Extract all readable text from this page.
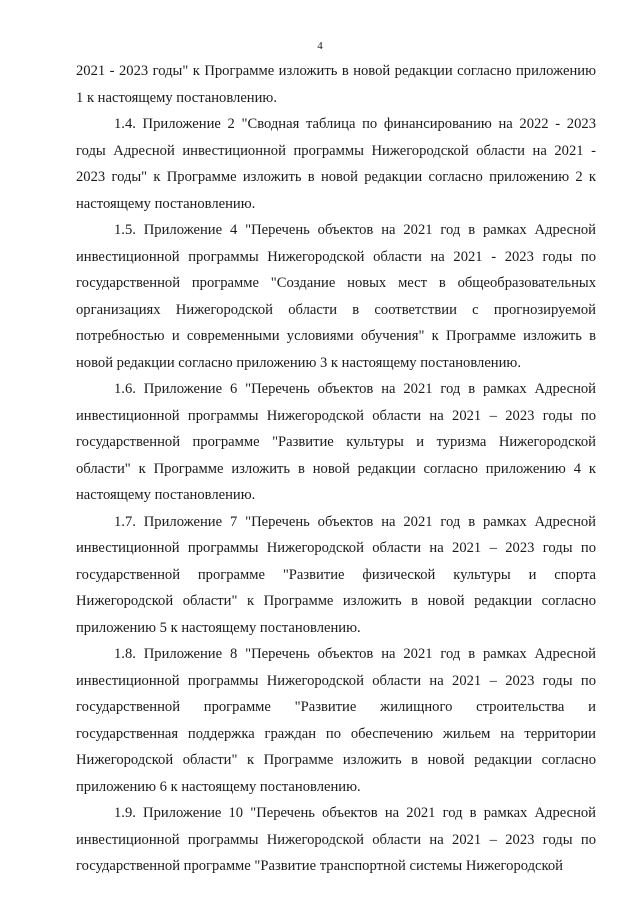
4

2021 - 2023 годы" к Программе изложить в новой редакции согласно приложению 1 к настоящему постановлению.

1.4. Приложение 2 "Сводная таблица по финансированию на 2022 - 2023 годы Адресной инвестиционной программы Нижегородской области на 2021 - 2023 годы" к Программе изложить в новой редакции согласно приложению 2 к настоящему постановлению.

1.5. Приложение 4 "Перечень объектов на 2021 год в рамках Адресной инвестиционной программы Нижегородской области на 2021 - 2023 годы по государственной программе "Создание новых мест в общеобразовательных организациях Нижегородской области в соответствии с прогнозируемой потребностью и современными условиями обучения" к Программе изложить в новой редакции согласно приложению 3 к настоящему постановлению.

1.6. Приложение 6 "Перечень объектов на 2021 год в рамках Адресной инвестиционной программы Нижегородской области на 2021 – 2023 годы по государственной программе "Развитие культуры и туризма Нижегородской области" к Программе изложить в новой редакции согласно приложению 4 к настоящему постановлению.

1.7. Приложение 7 "Перечень объектов на 2021 год в рамках Адресной инвестиционной программы Нижегородской области на 2021 – 2023 годы по государственной программе "Развитие физической культуры и спорта Нижегородской области" к Программе изложить в новой редакции согласно приложению 5 к настоящему постановлению.

1.8. Приложение 8 "Перечень объектов на 2021 год в рамках Адресной инвестиционной программы Нижегородской области на 2021 – 2023 годы по государственной программе "Развитие жилищного строительства и государственная поддержка граждан по обеспечению жильем на территории Нижегородской области" к Программе изложить в новой редакции согласно приложению 6 к настоящему постановлению.

1.9. Приложение 10 "Перечень объектов на 2021 год в рамках Адресной инвестиционной программы Нижегородской области на 2021 – 2023 годы по государственной программе "Развитие транспортной системы Нижегородской
